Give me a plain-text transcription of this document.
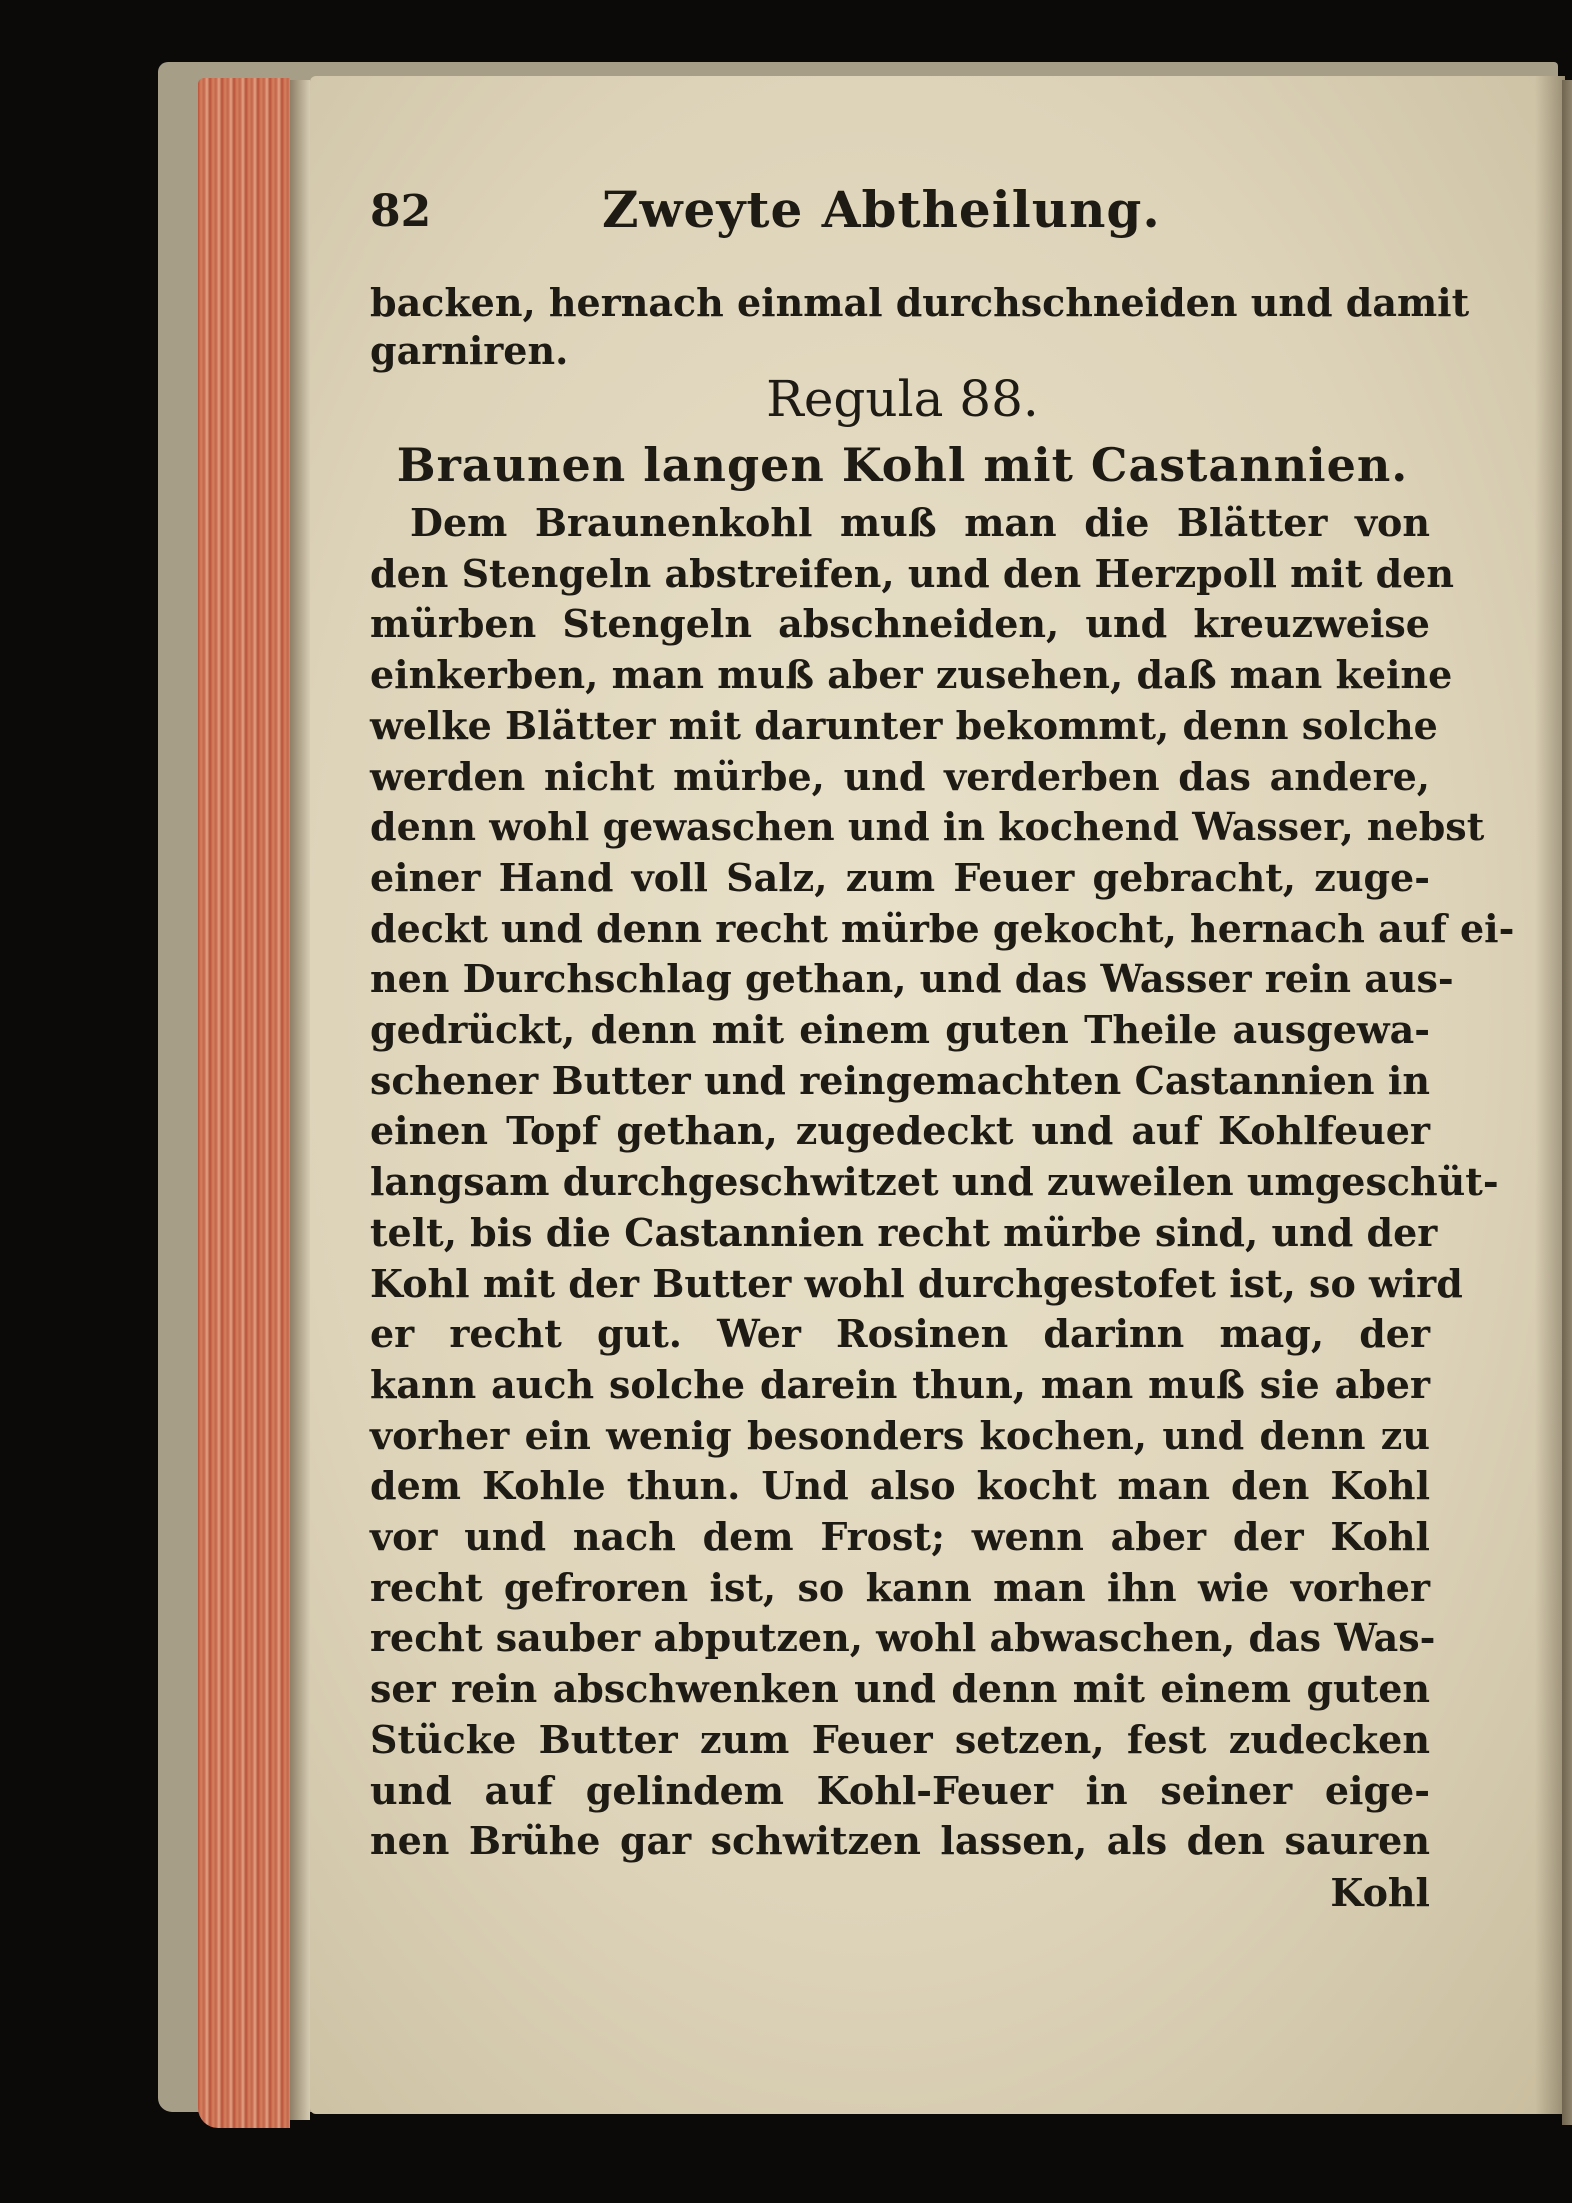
82	Zweyte Abtheilung.
backen, hernach einmal durchschneiden und damit
garniren.
Regula 88.
Braunen langen Kohl mit Castannien.
Dem Braunenkohl muß man die Blätter von
den Stengeln abstreifen, und den Herzpoll mit den
mürben Stengeln abschneiden, und kreuzweise
einkerben, man muß aber zusehen, daß man keine
welke Blätter mit darunter bekommt, denn solche
werden nicht mürbe, und verderben das andere,
denn wohl gewaschen und in kochend Wasser, nebst
einer Hand voll Salz, zum Feuer gebracht, zuge-
deckt und denn recht mürbe gekocht, hernach auf ei-
nen Durchschlag gethan, und das Wasser rein aus-
gedrückt, denn mit einem guten Theile ausgewa-
schener Butter und reingemachten Castannien in
einen Topf gethan, zugedeckt und auf Kohlfeuer
langsam durchgeschwitzet und zuweilen umgeschüt-
telt, bis die Castannien recht mürbe sind, und der
Kohl mit der Butter wohl durchgestofet ist, so wird
er recht gut. Wer Rosinen darinn mag, der
kann auch solche darein thun, man muß sie aber
vorher ein wenig besonders kochen, und denn zu
dem Kohle thun. Und also kocht man den Kohl
vor und nach dem Frost; wenn aber der Kohl
recht gefroren ist, so kann man ihn wie vorher
recht sauber abputzen, wohl abwaschen, das Was-
ser rein abschwenken und denn mit einem guten
Stücke Butter zum Feuer setzen, fest zudecken
und auf gelindem Kohl-Feuer in seiner eige-
nen Brühe gar schwitzen lassen, als den sauren
Kohl
